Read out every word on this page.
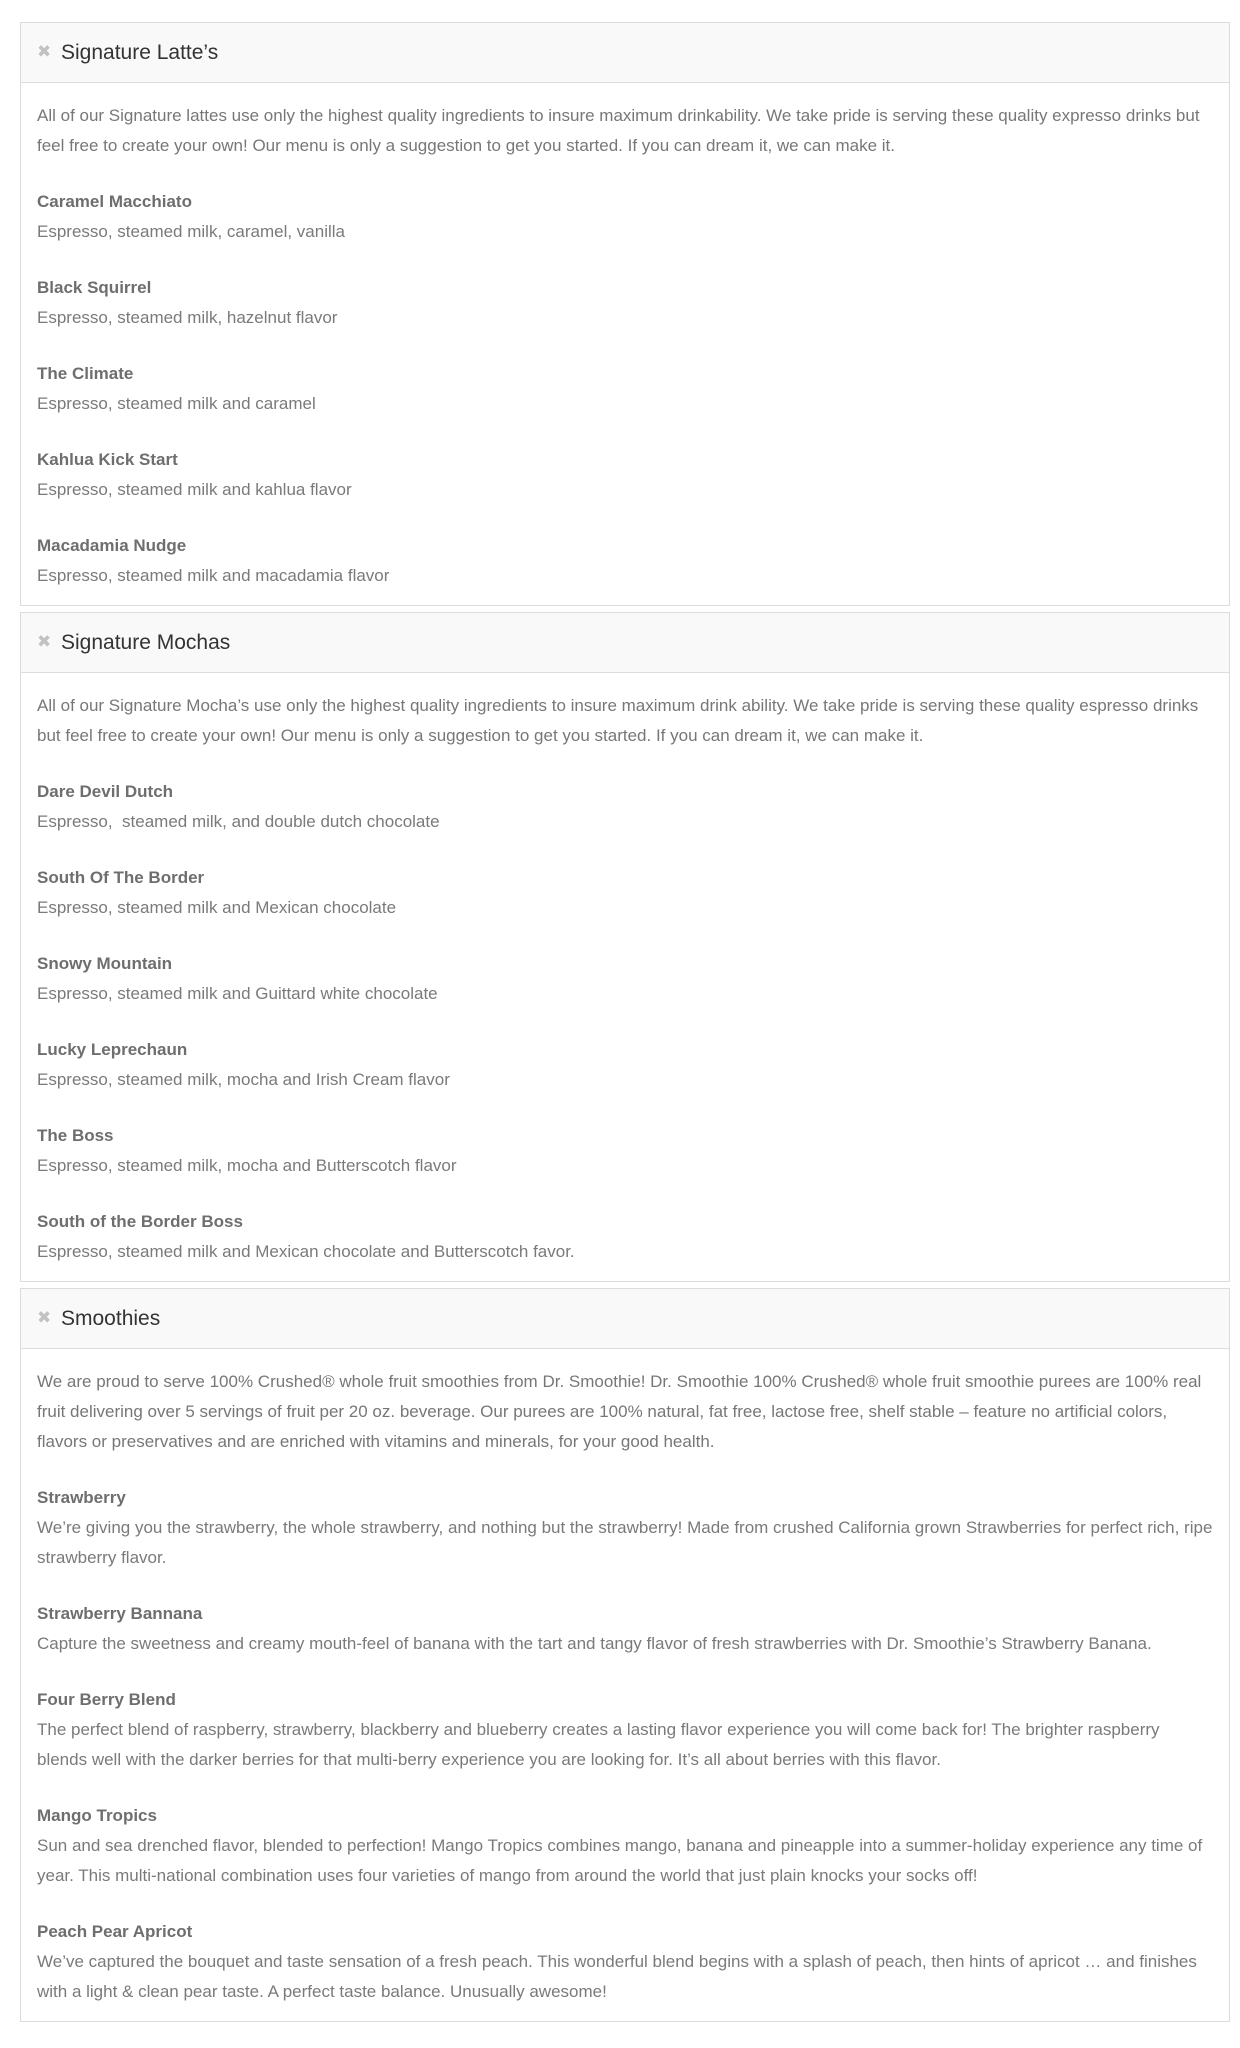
✖ Signature Latte’s

All of our Signature lattes use only the highest quality ingredients to insure maximum drinkability. We take pride is serving these quality expresso drinks but feel free to create your own! Our menu is only a suggestion to get you started. If you can dream it, we can make it.

Caramel Macchiato
Espresso, steamed milk, caramel, vanilla
Black Squirrel
Espresso, steamed milk, hazelnut flavor
The Climate
Espresso, steamed milk and caramel
Kahlua Kick Start
Espresso, steamed milk and kahlua flavor
Macadamia Nudge
Espresso, steamed milk and macadamia flavor
✖ Signature Mochas

All of our Signature Mocha’s use only the highest quality ingredients to insure maximum drink ability. We take pride is serving these quality espresso drinks but feel free to create your own! Our menu is only a suggestion to get you started. If you can dream it, we can make it.

Dare Devil Dutch
Espresso,  steamed milk, and double dutch chocolate
South Of The Border
Espresso, steamed milk and Mexican chocolate
Snowy Mountain
Espresso, steamed milk and Guittard white chocolate
Lucky Leprechaun
Espresso, steamed milk, mocha and Irish Cream flavor
The Boss
Espresso, steamed milk, mocha and Butterscotch flavor
South of the Border Boss
Espresso, steamed milk and Mexican chocolate and Butterscotch favor.
✖ Smoothies

We are proud to serve 100% Crushed® whole fruit smoothies from Dr. Smoothie! Dr. Smoothie 100% Crushed® whole fruit smoothie purees are 100% real fruit delivering over 5 servings of fruit per 20 oz. beverage. Our purees are 100% natural, fat free, lactose free, shelf stable – feature no artificial colors, flavors or preservatives and are enriched with vitamins and minerals, for your good health.

Strawberry
We’re giving you the strawberry, the whole strawberry, and nothing but the strawberry! Made from crushed California grown Strawberries for perfect rich, ripe strawberry flavor.
Strawberry Bannana
Capture the sweetness and creamy mouth-feel of banana with the tart and tangy flavor of fresh strawberries with Dr. Smoothie’s Strawberry Banana.
Four Berry Blend
The perfect blend of raspberry, strawberry, blackberry and blueberry creates a lasting flavor experience you will come back for! The brighter raspberry blends well with the darker berries for that multi-berry experience you are looking for. It’s all about berries with this flavor.
Mango Tropics
Sun and sea drenched flavor, blended to perfection! Mango Tropics combines mango, banana and pineapple into a summer-holiday experience any time of year. This multi-national combination uses four varieties of mango from around the world that just plain knocks your socks off!
Peach Pear Apricot
We’ve captured the bouquet and taste sensation of a fresh peach. This wonderful blend begins with a splash of peach, then hints of apricot … and finishes with a light & clean pear taste. A perfect taste balance. Unusually awesome!
